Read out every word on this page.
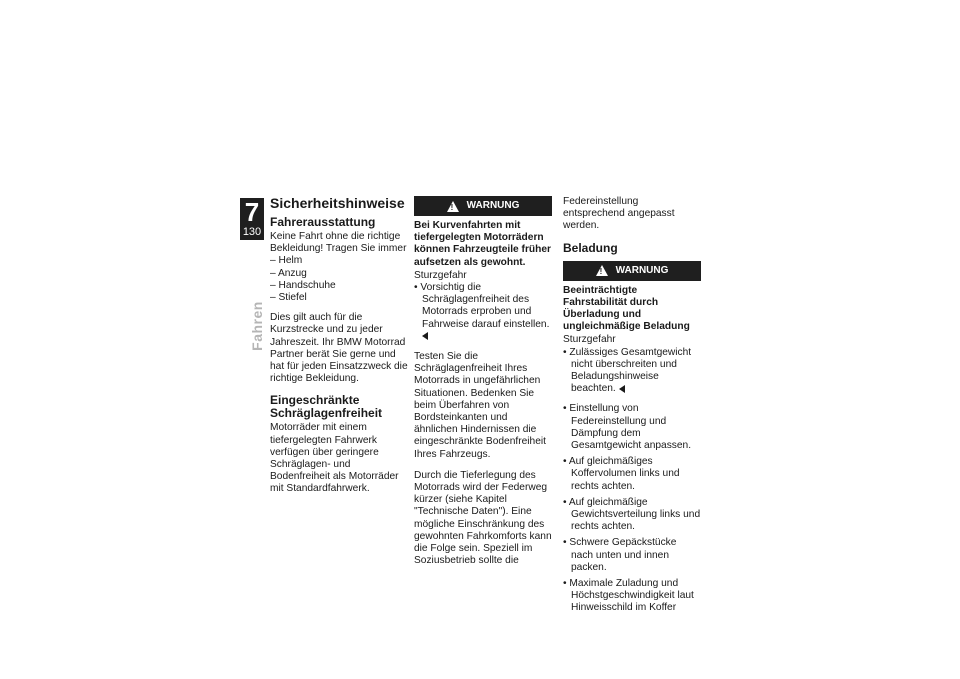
7
130
Fahren
Sicherheitshinweise
Fahrerausstattung
Keine Fahrt ohne die richtige Bekleidung! Tragen Sie immer
– Helm
– Anzug
– Handschuhe
– Stiefel

Dies gilt auch für die Kurzstrecke und zu jeder Jahreszeit. Ihr BMW Motorrad Partner berät Sie gerne und hat für jeden Einsatzzweck die richtige Bekleidung.

Eingeschränkte Schräglagenfreiheit

Motorräder mit einem tiefergelegten Fahrwerk verfügen über geringere Schräglagen- und Bodenfreiheit als Motorräder mit Standardfahrwerk.

!
WARNUNG
Bei Kurvenfahrten mit tiefergelegten Motorrädern können Fahrzeugteile früher aufsetzen als gewohnt.
Sturzgefahr
• Vorsichtig die Schräglagenfreiheit des Motorrads erproben und Fahrweise darauf einstellen.

Testen Sie die Schräglagenfreiheit Ihres Motorrads in ungefährlichen Situationen. Bedenken Sie beim Überfahren von Bordsteinkanten und ähnlichen Hindernissen die eingeschränkte Bodenfreiheit Ihres Fahrzeugs.

Durch die Tieferlegung des Motorrads wird der Federweg kürzer (siehe Kapitel "Technische Daten"). Eine mögliche Einschränkung des gewohnten Fahrkomforts kann die Folge sein. Speziell im Soziusbetrieb sollte die

Federeinstellung entsprechend angepasst werden.

Beladung
!
WARNUNG
Beeinträchtigte Fahrstabilität durch Überladung und ungleichmäßige Beladung
Sturzgefahr
• Zulässiges Gesamtgewicht nicht überschreiten und Beladungshinweise beachten.
• Einstellung von Federeinstellung und Dämpfung dem Gesamtgewicht anpassen.
• Auf gleichmäßiges Koffervolumen links und rechts achten.
• Auf gleichmäßige Gewichtsverteilung links und rechts achten.
• Schwere Gepäckstücke nach unten und innen packen.
• Maximale Zuladung und Höchstgeschwindigkeit laut Hinweisschild im Koffer
